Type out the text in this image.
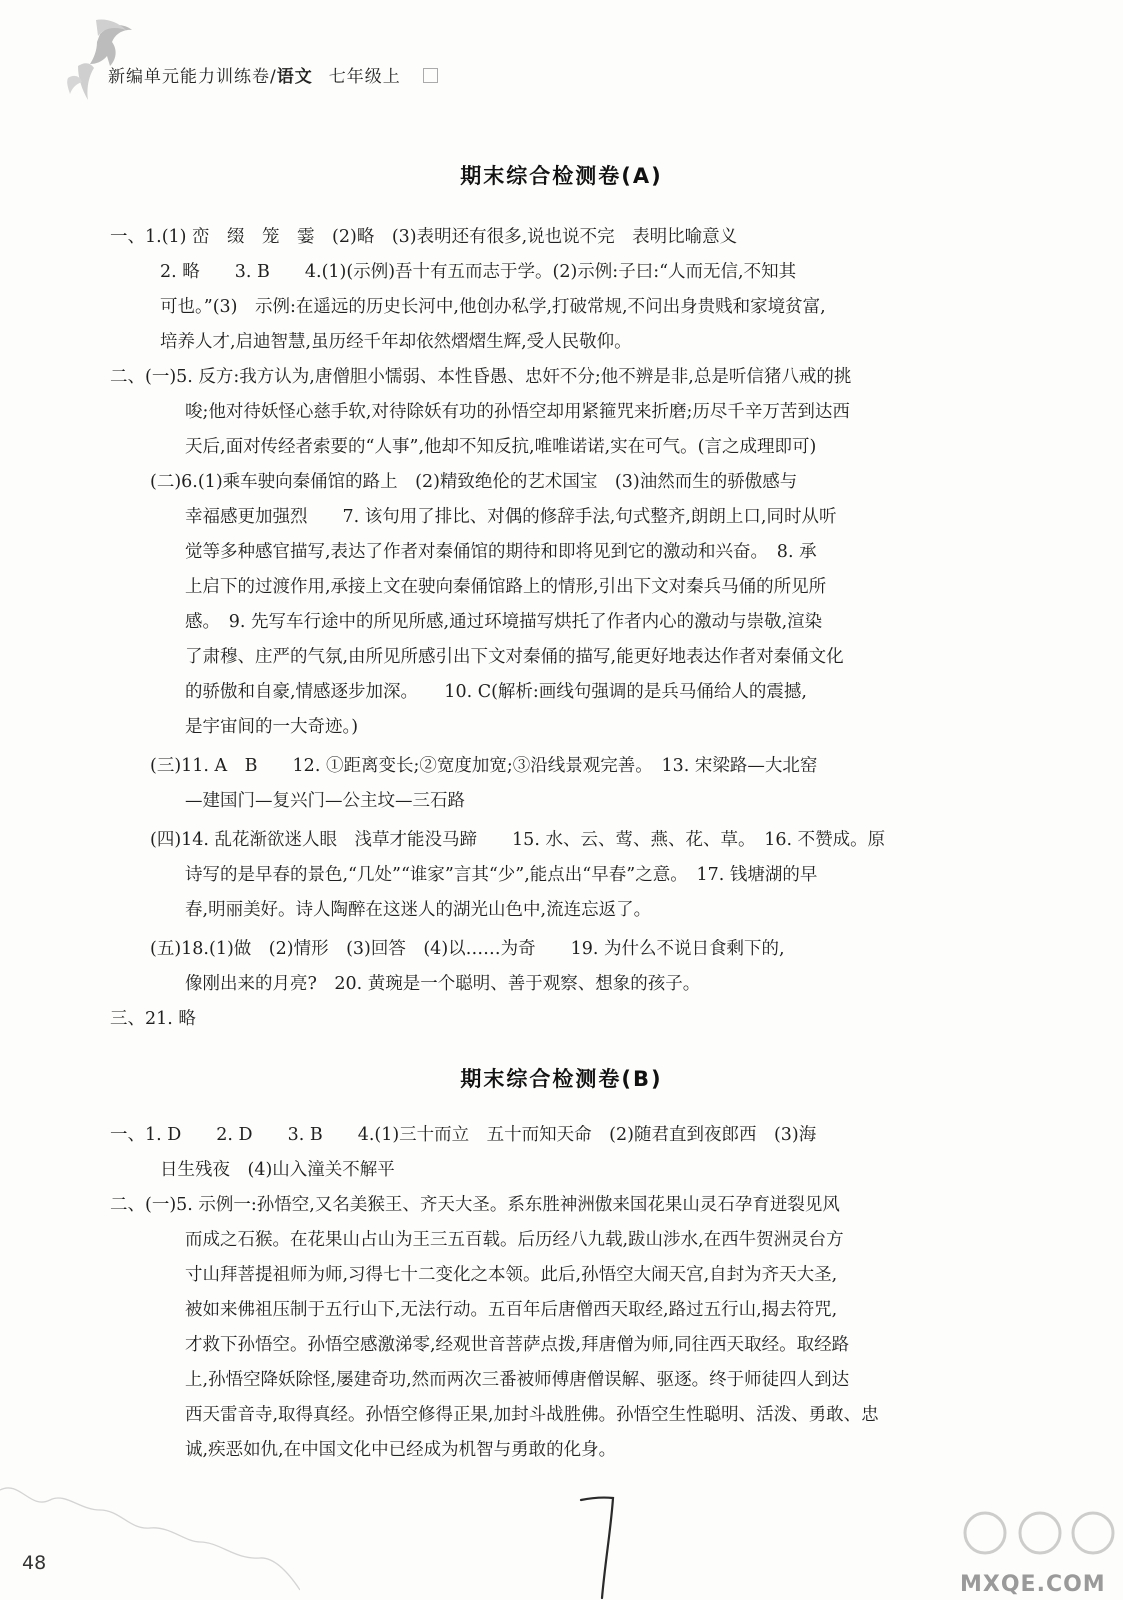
新编单元能力训练卷/语文 七年级上
期末综合检测卷(A)
一、1.(1) 峦　缀　笼　霎　(2)略　(3)表明还有很多,说也说不完　表明比喻意义
2. 略　　3. B　　4.(1)(示例)吾十有五而志于学。(2)示例:子曰:“人而无信,不知其
可也。”(3)　示例:在遥远的历史长河中,他创办私学,打破常规,不问出身贵贱和家境贫富,
培养人才,启迪智慧,虽历经千年却依然熠熠生辉,受人民敬仰。
二、(一)5. 反方:我方认为,唐僧胆小懦弱、本性昏愚、忠奸不分;他不辨是非,总是听信猪八戒的挑
唆;他对待妖怪心慈手软,对待除妖有功的孙悟空却用紧箍咒来折磨;历尽千辛万苦到达西
天后,面对传经者索要的“人事”,他却不知反抗,唯唯诺诺,实在可气。(言之成理即可)
(二)6.(1)乘车驶向秦俑馆的路上　(2)精致绝伦的艺术国宝　(3)油然而生的骄傲感与
幸福感更加强烈　　7. 该句用了排比、对偶的修辞手法,句式整齐,朗朗上口,同时从听
觉等多种感官描写,表达了作者对秦俑馆的期待和即将见到它的激动和兴奋。　8. 承
上启下的过渡作用,承接上文在驶向秦俑馆路上的情形,引出下文对秦兵马俑的所见所
感。　9. 先写车行途中的所见所感,通过环境描写烘托了作者内心的激动与崇敬,渲染
了肃穆、庄严的气氛,由所见所感引出下文对秦俑的描写,能更好地表达作者对秦俑文化
的骄傲和自豪,情感逐步加深。　　10. C(解析:画线句强调的是兵马俑给人的震撼,
是宇宙间的一大奇迹。)
(三)11. A　B　　12. ①距离变长;②宽度加宽;③沿线景观完善。　13. 宋梁路—大北窑
—建国门—复兴门—公主坟—三石路
(四)14. 乱花渐欲迷人眼　浅草才能没马蹄　　15. 水、云、莺、燕、花、草。　16. 不赞成。原
诗写的是早春的景色,“几处”“谁家”言其“少”,能点出“早春”之意。　17. 钱塘湖的早
春,明丽美好。诗人陶醉在这迷人的湖光山色中,流连忘返了。
(五)18.(1)做　(2)情形　(3)回答　(4)以……为奇　　19. 为什么不说日食剩下的,
像刚出来的月亮?　20. 黄琬是一个聪明、善于观察、想象的孩子。
三、21. 略
期末综合检测卷(B)
一、1. D　　2. D　　3. B　　4.(1)三十而立　五十而知天命　(2)随君直到夜郎西　(3)海
日生残夜　(4)山入潼关不解平
二、(一)5. 示例一:孙悟空,又名美猴王、齐天大圣。系东胜神洲傲来国花果山灵石孕育迸裂见风
而成之石猴。在花果山占山为王三五百载。后历经八九载,跋山涉水,在西牛贺洲灵台方
寸山拜菩提祖师为师,习得七十二变化之本领。此后,孙悟空大闹天宫,自封为齐天大圣,
被如来佛祖压制于五行山下,无法行动。五百年后唐僧西天取经,路过五行山,揭去符咒,
才救下孙悟空。孙悟空感激涕零,经观世音菩萨点拨,拜唐僧为师,同往西天取经。取经路
上,孙悟空降妖除怪,屡建奇功,然而两次三番被师傅唐僧误解、驱逐。终于师徒四人到达
西天雷音寺,取得真经。孙悟空修得正果,加封斗战胜佛。孙悟空生性聪明、活泼、勇敢、忠
诚,疾恶如仇,在中国文化中已经成为机智与勇敢的化身。
48
MXQE.COM
